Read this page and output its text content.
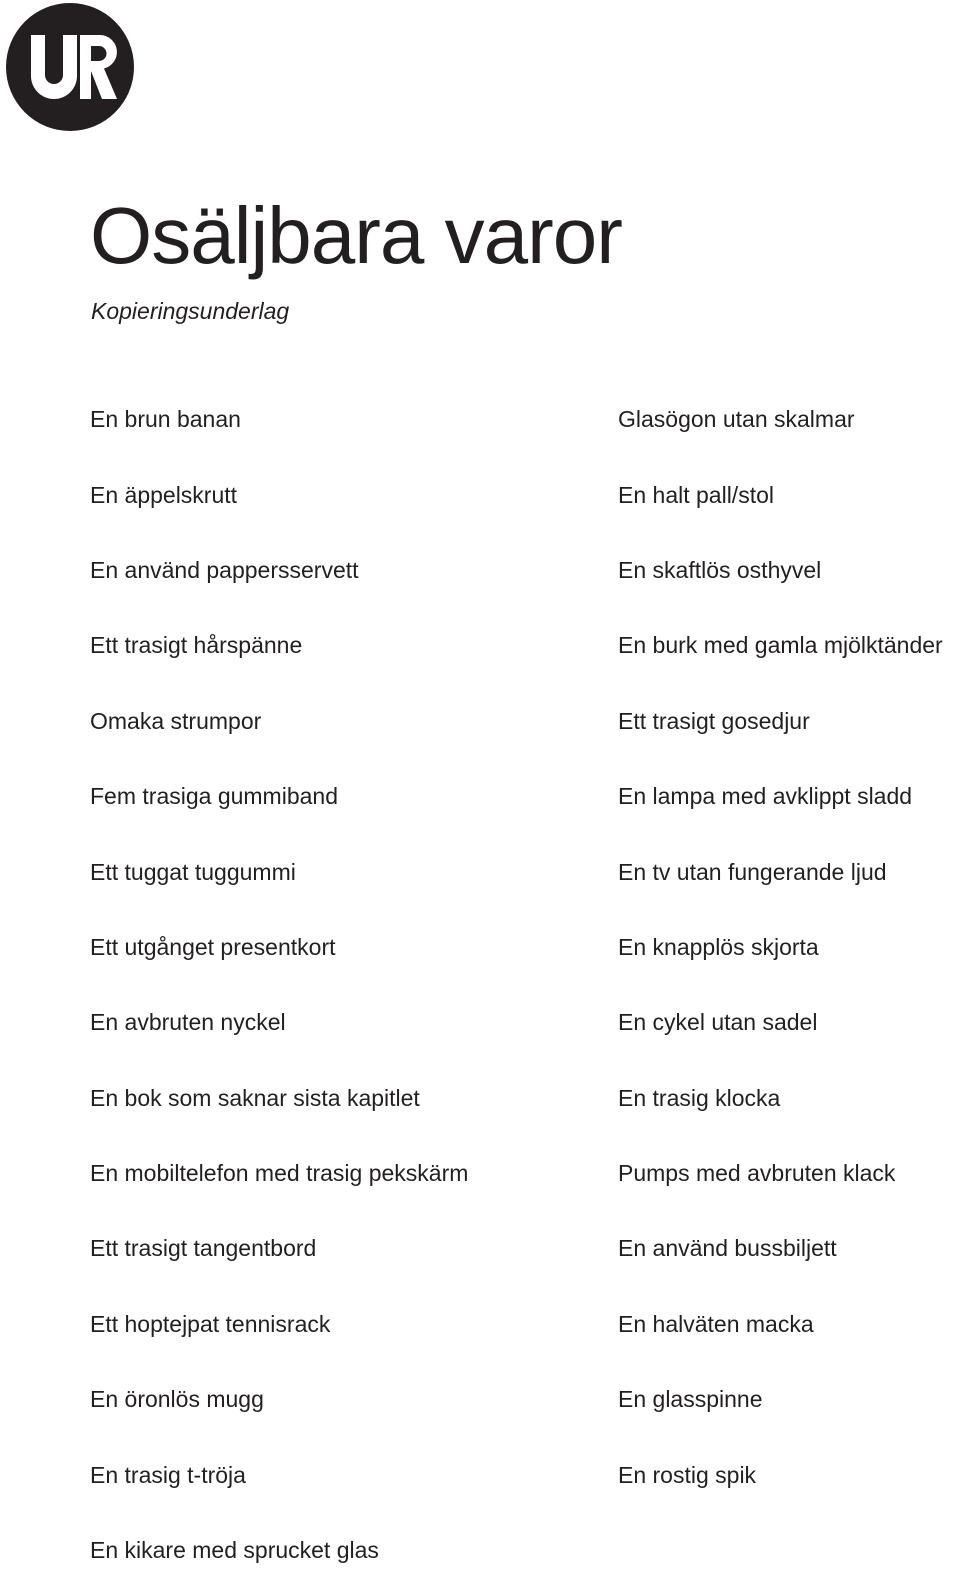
Osäljbara varor

Kopieringsunderlag

En brun banan

En äppelskrutt

En använd pappersservett

Ett trasigt hårspänne

Omaka strumpor

Fem trasiga gummiband

Ett tuggat tuggummi

Ett utgånget presentkort

En avbruten nyckel

En bok som saknar sista kapitlet

En mobiltelefon med trasig pekskärm

Ett trasigt tangentbord

Ett hoptejpat tennisrack

En öronlös mugg

En trasig t-tröja

En kikare med sprucket glas

Glasögon utan skalmar

En halt pall/stol

En skaftlös osthyvel

En burk med gamla mjölktänder

Ett trasigt gosedjur

En lampa med avklippt sladd

En tv utan fungerande ljud

En knapplös skjorta

En cykel utan sadel

En trasig klocka

Pumps med avbruten klack

En använd bussbiljett

En halväten macka

En glasspinne

En rostig spik
